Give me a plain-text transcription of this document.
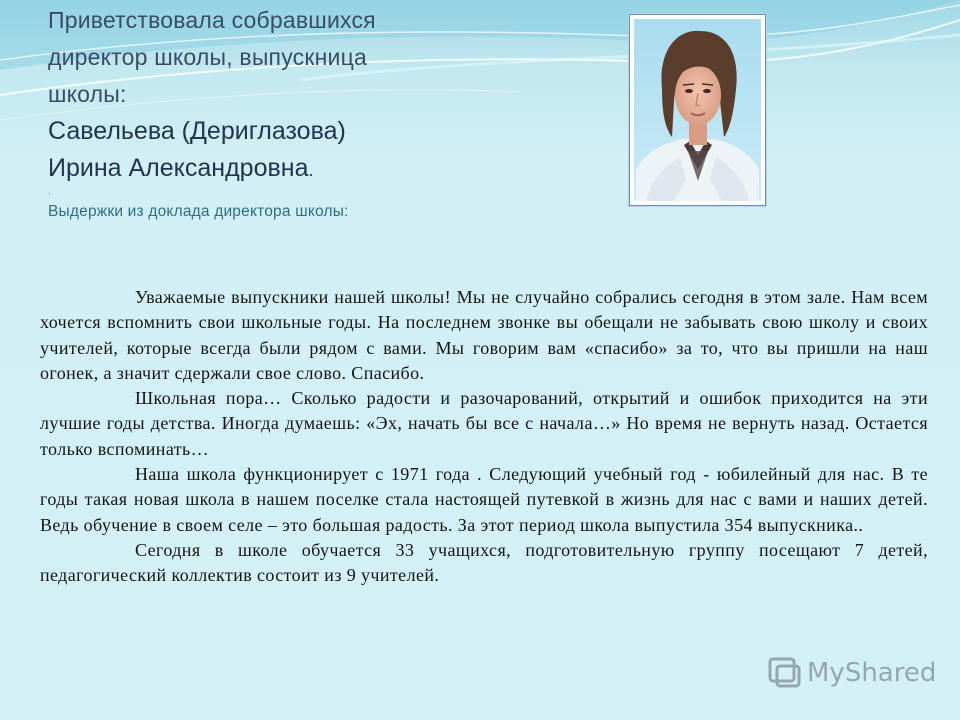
Приветствовала собравшихся
директор школы, выпускница
школы:
Савельева (Дериглазова)
Ирина Александровна.
.
Выдержки из доклада директора школы:

Уважаемые выпускники нашей школы! Мы не случайно собрались сегодня в этом зале. Нам всем хочется вспомнить свои школьные годы. На последнем звонке вы обещали не забывать свою школу и своих учителей, которые всегда были рядом с вами. Мы говорим вам «спасибо» за то, что вы пришли на наш огонек, а значит сдержали свое слово. Спасибо.

Школьная пора… Сколько радости и разочарований, открытий и ошибок приходится на эти лучшие годы детства. Иногда думаешь: «Эх, начать бы все с начала…» Но время не вернуть назад. Остается только вспоминать…

Наша школа функционирует с 1971 года . Следующий учебный год - юбилейный для нас. В те годы такая новая школа в нашем поселке стала настоящей путевкой в жизнь для нас с вами и наших детей. Ведь обучение в своем селе – это большая радость. За этот период школа выпустила 354 выпускника..

Сегодня в школе обучается 33 учащихся, подготовительную группу посещают 7 детей, педагогический коллектив состоит из 9 учителей.

MyShared
